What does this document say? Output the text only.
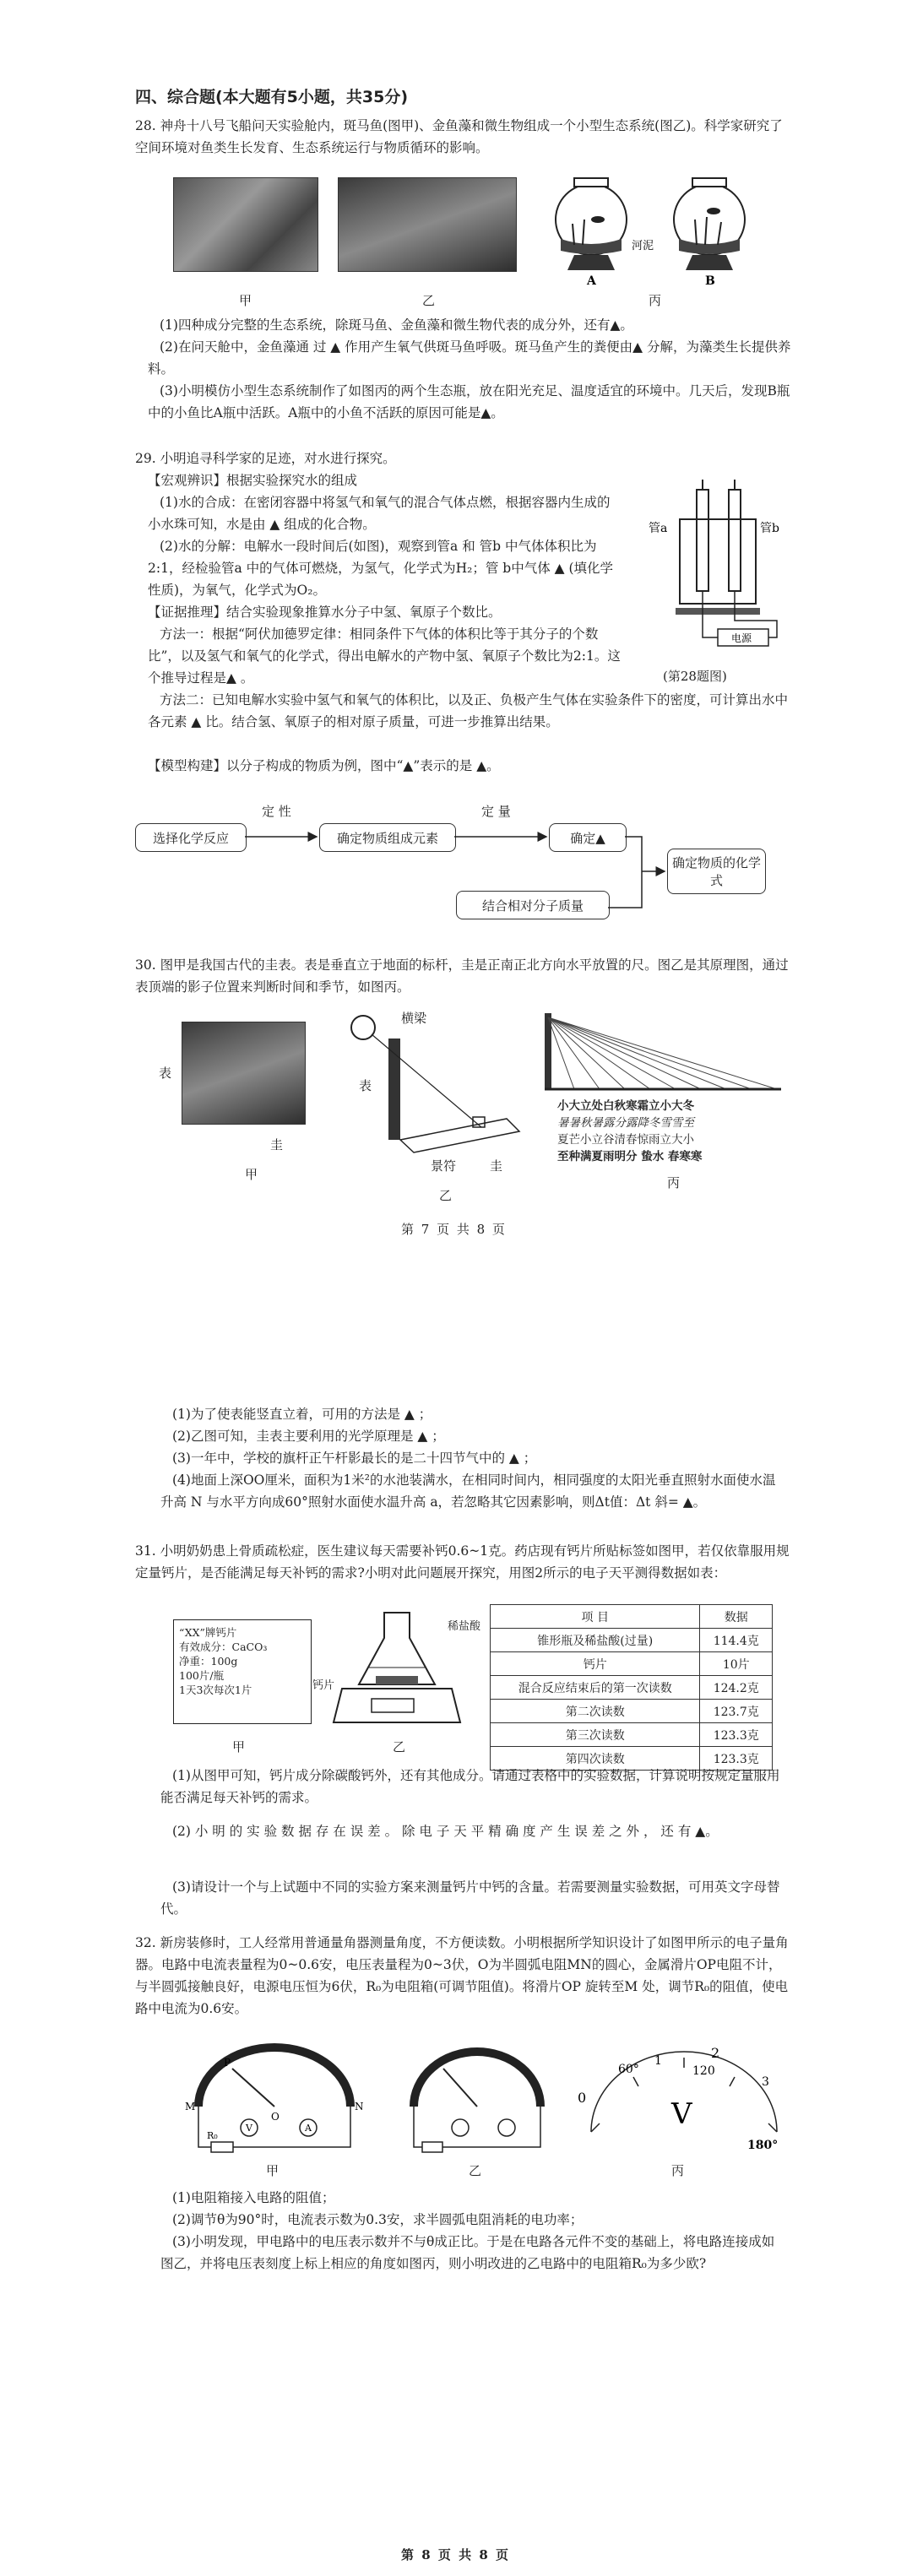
四、综合题(本大题有5小题，共35分)

28. 神舟十八号飞船问天实验舱内，斑马鱼(图甲)、金鱼藻和微生物组成一个小型生态系统(图乙)。科学家研究了空间环境对鱼类生长发育、生态系统运行与物质循环的影响。

A	B
河泥
甲	乙	丙

(1)四种成分完整的生态系统，除斑马鱼、金鱼藻和微生物代表的成分外，还有▲。

(2)在问天舱中，金鱼藻通 过 ▲ 作用产生氧气供斑马鱼呼吸。斑马鱼产生的粪便由▲ 分解，为藻类生长提供养料。

(3)小明模仿小型生态系统制作了如图丙的两个生态瓶，放在阳光充足、温度适宜的环境中。几天后，发现B瓶中的小鱼比A瓶中活跃。A瓶中的小鱼不活跃的原因可能是▲。

29. 小明追寻科学家的足迹，对水进行探究。

【宏观辨识】根据实验探究水的组成

(1)水的合成：在密闭容器中将氢气和氧气的混合气体点燃，根据容器内生成的小水珠可知，水是由 ▲ 组成的化合物。

(2)水的分解：电解水一段时间后(如图)，观察到管a 和 管b 中气体体积比为2:1，经检验管a 中的气体可燃烧，为氢气，化学式为H₂；管 b中气体 ▲ (填化学性质)，为氧气，化学式为O₂。

【证据推理】结合实验现象推算水分子中氢、氧原子个数比。

方法一：根据“阿伏加德罗定律：相同条件下气体的体积比等于其分子的个数比”，以及氢气和氧气的化学式，得出电解水的产物中氢、氧原子个数比为2:1。这个推导过程是▲ 。

方法二：已知电解水实验中氢气和氧气的体积比，以及正、负极产生气体在实验条件下的密度，可计算出水中各元素 ▲ 比。结合氢、氧原子的相对原子质量，可进一步推算出结果。

【模型构建】以分子构成的物质为例，图中“▲”表示的是 ▲。

电源
管a	管b
(第28题图)
选择化学反应
定 性
确定物质组成元素
定 量
确定▲
结合相对分子质量
确定物质的化学式

30. 图甲是我国古代的圭表。表是垂直立于地面的标杆，圭是正南正北方向水平放置的尺。图乙是其原理图，通过表顶端的影子位置来判断时间和季节，如图丙。

表
圭
甲
横梁
表
景符	圭
乙
小大立处白秋寒霜立小大冬
暑暑秋暑露分露降冬雪雪至
夏芒小立谷清春惊雨立大小
至种满夏雨明分 蛰水 春寒寒
丙
第 7 页 共 8 页

(1)为了使表能竖直立着，可用的方法是 ▲ ；

(2)乙图可知，圭表主要利用的光学原理是 ▲ ；

(3)一年中，学校的旗杆正午杆影最长的是二十四节气中的 ▲ ；

(4)地面上深OO厘米，面积为1米²的水池装满水，在相同时间内，相同强度的太阳光垂直照射水面使水温升高 N 与水平方向成60°照射水面使水温升高 a，若忽略其它因素影响，则Δt值：Δt 斜= ▲。

31. 小明奶奶患上骨质疏松症，医生建议每天需要补钙0.6~1克。药店现有钙片所贴标签如图甲，若仅依靠服用规定量钙片，是否能满足每天补钙的需求?小明对此问题展开探究，用图2所示的电子天平测得数据如表：

“XX”牌钙片
有效成分：CaCO₃
净重：100g
100片/瓶
1天3次每次1片
甲
稀盐酸
钙片
乙
项 目	数据
锥形瓶及稀盐酸(过量)	114.4克
钙片	10片
混合反应结束后的第一次读数	124.2克
第二次读数	123.7克
第三次读数	123.3克
第四次读数	123.3克

(1)从图甲可知，钙片成分除碳酸钙外，还有其他成分。请通过表格中的实验数据，计算说明按规定量服用能否满足每天补钙的需求。

(2) 小 明 的 实 验 数 据 存 在 误 差 。 除 电 子 天 平 精 确 度 产 生 误 差 之 外 ， 还 有 ▲。

(3)请设计一个与上试题中不同的实验方案来测量钙片中钙的含量。若需要测量实验数据，可用英文字母替代。

32. 新房装修时，工人经常用普通量角器测量角度，不方便读数。小明根据所学知识设计了如图甲所示的电子量角器。电路中电流表量程为0~0.6安，电压表量程为0~3伏，O为半圆弧电阻MN的圆心，金属滑片OP电阻不计，与半圆弧接触良好，电源电压恒为6伏，R₀为电阻箱(可调节阻值)。将滑片OP 旋转至M 处，调节R₀的阻值，使电路中电流为0.6安。

V	A
R₀
M	N
O
P
甲	乙
0
60°	120
180°
1	2
3
V
丙

(1)电阻箱接入电路的阻值；

(2)调节θ为90°时，电流表示数为0.3安，求半圆弧电阻消耗的电功率；

(3)小明发现，甲电路中的电压表示数并不与θ成正比。于是在电路各元件不变的基础上，将电路连接成如图乙，并将电压表刻度上标上相应的角度如图丙，则小明改进的乙电路中的电阻箱R₀为多少欧?

第 8 页 共 8 页
